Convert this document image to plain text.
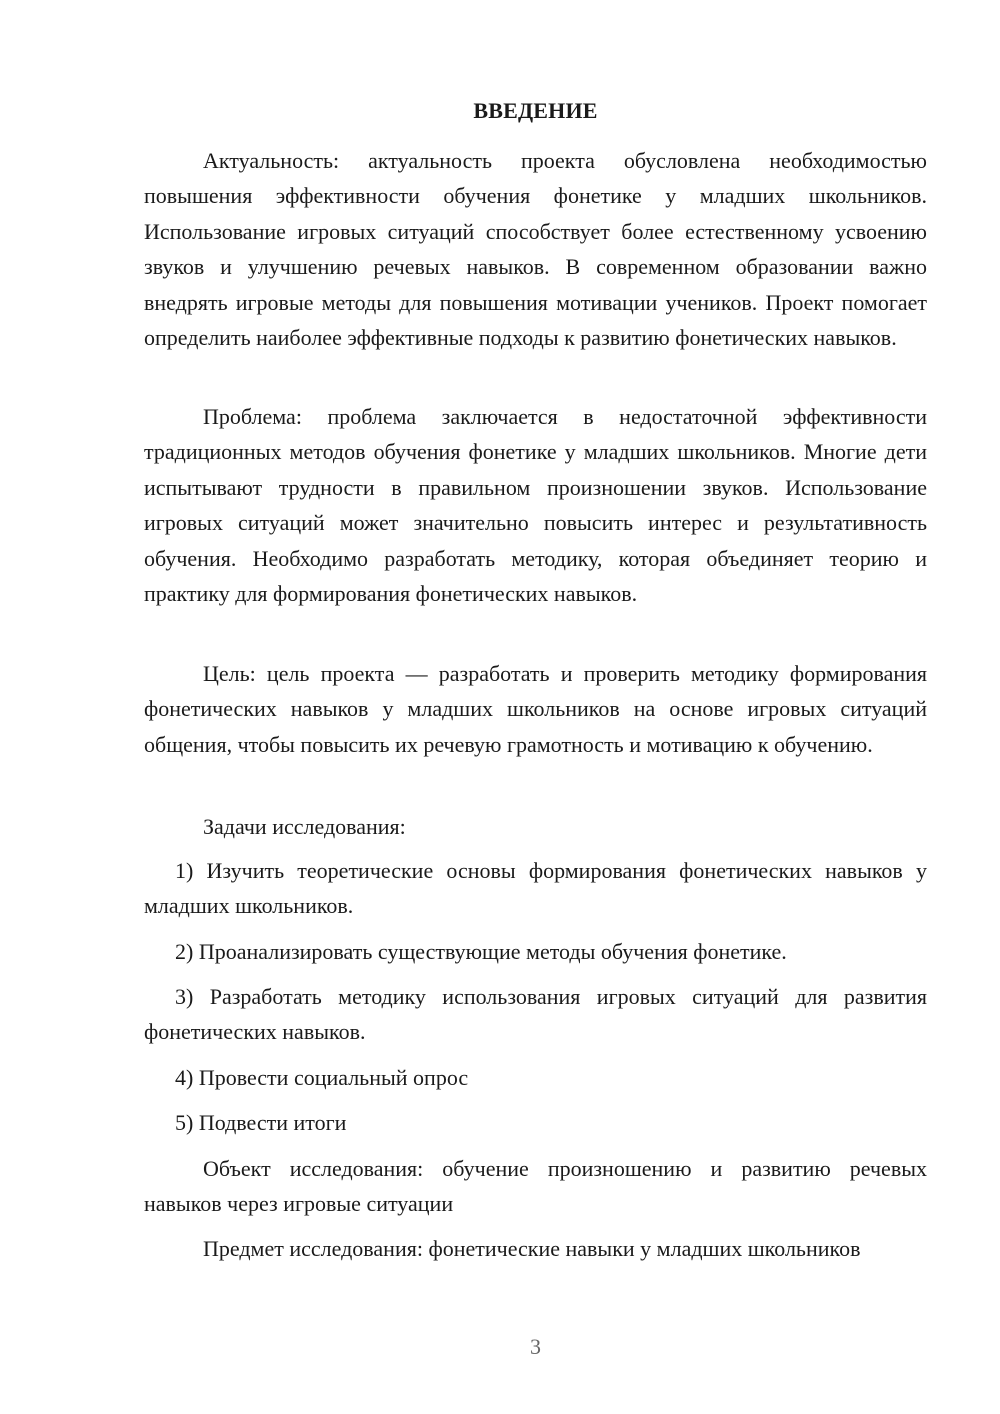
ВВЕДЕНИЕ

Актуальность: актуальность проекта обусловлена необходимостью повышения эффективности обучения фонетике у младших школьников. Использование игровых ситуаций способствует более естественному усвоению звуков и улучшению речевых навыков. В современном образовании важно внедрять игровые методы для повышения мотивации учеников. Проект помогает определить наиболее эффективные подходы к развитию фонетических навыков.

Проблема: проблема заключается в недостаточной эффективности традиционных методов обучения фонетике у младших школьников. Многие дети испытывают трудности в правильном произношении звуков. Использование игровых ситуаций может значительно повысить интерес и результативность обучения. Необходимо разработать методику, которая объединяет теорию и практику для формирования фонетических навыков.

Цель: цель проекта — разработать и проверить методику формирования фонетических навыков у младших школьников на основе игровых ситуаций общения, чтобы повысить их речевую грамотность и мотивацию к обучению.

Задачи исследования:

1) Изучить теоретические основы формирования фонетических навыков у младших школьников.

2) Проанализировать существующие методы обучения фонетике.

3) Разработать методику использования игровых ситуаций для развития фонетических навыков.

4) Провести социальный опрос

5) Подвести итоги

Объект исследования: обучение произношению и развитию речевых навыков через игровые ситуации

Предмет исследования: фонетические навыки у младших школьников

3
